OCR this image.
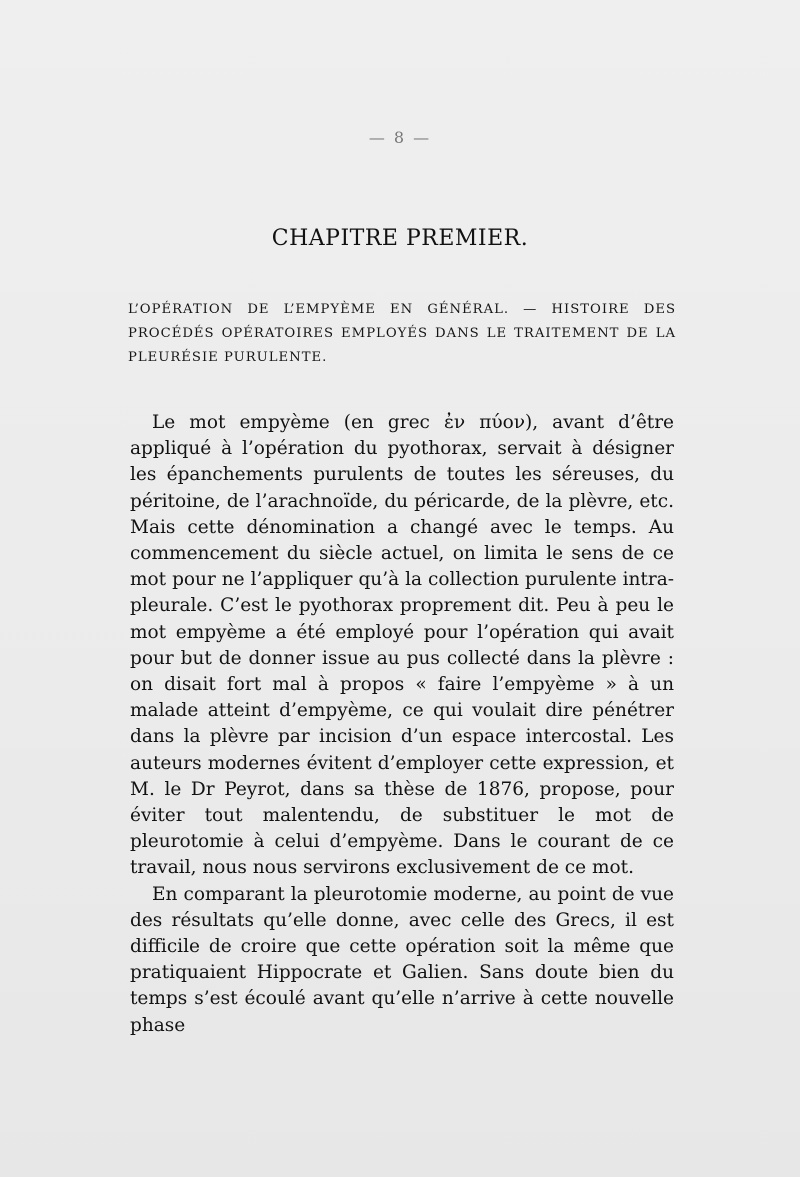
— 8 —
CHAPITRE PREMIER.
L’OPÉRATION DE L’EMPYÈME EN GÉNÉRAL. — HISTOIRE DES PROCÉDÉS OPÉRATOIRES EMPLOYÉS DANS LE TRAITEMENT DE LA PLEURÉSIE PURULENTE.

Le mot empyème (en grec ἐν πύον), avant d’être appliqué à l’opération du pyothorax, servait à désigner les épanchements purulents de toutes les séreuses, du péritoine, de l’arachnoïde, du péricarde, de la plèvre, etc. Mais cette dénomination a changé avec le temps. Au commencement du siècle actuel, on limita le sens de ce mot pour ne l’appliquer qu’à la collection purulente intra-pleurale. C’est le pyothorax proprement dit. Peu à peu le mot empyème a été employé pour l’opération qui avait pour but de donner issue au pus collecté dans la plèvre : on disait fort mal à propos « faire l’empyème » à un malade atteint d’empyème, ce qui voulait dire pénétrer dans la plèvre par incision d’un espace intercostal. Les auteurs modernes évitent d’employer cette expression, et M. le Dr Peyrot, dans sa thèse de 1876, propose, pour éviter tout malentendu, de substituer le mot de pleurotomie à celui d’empyème. Dans le courant de ce travail, nous nous servirons exclusivement de ce mot.

En comparant la pleurotomie moderne, au point de vue des résultats qu’elle donne, avec celle des Grecs, il est difficile de croire que cette opération soit la même que pratiquaient Hippocrate et Galien. Sans doute bien du temps s’est écoulé avant qu’elle n’arrive à cette nouvelle phase
